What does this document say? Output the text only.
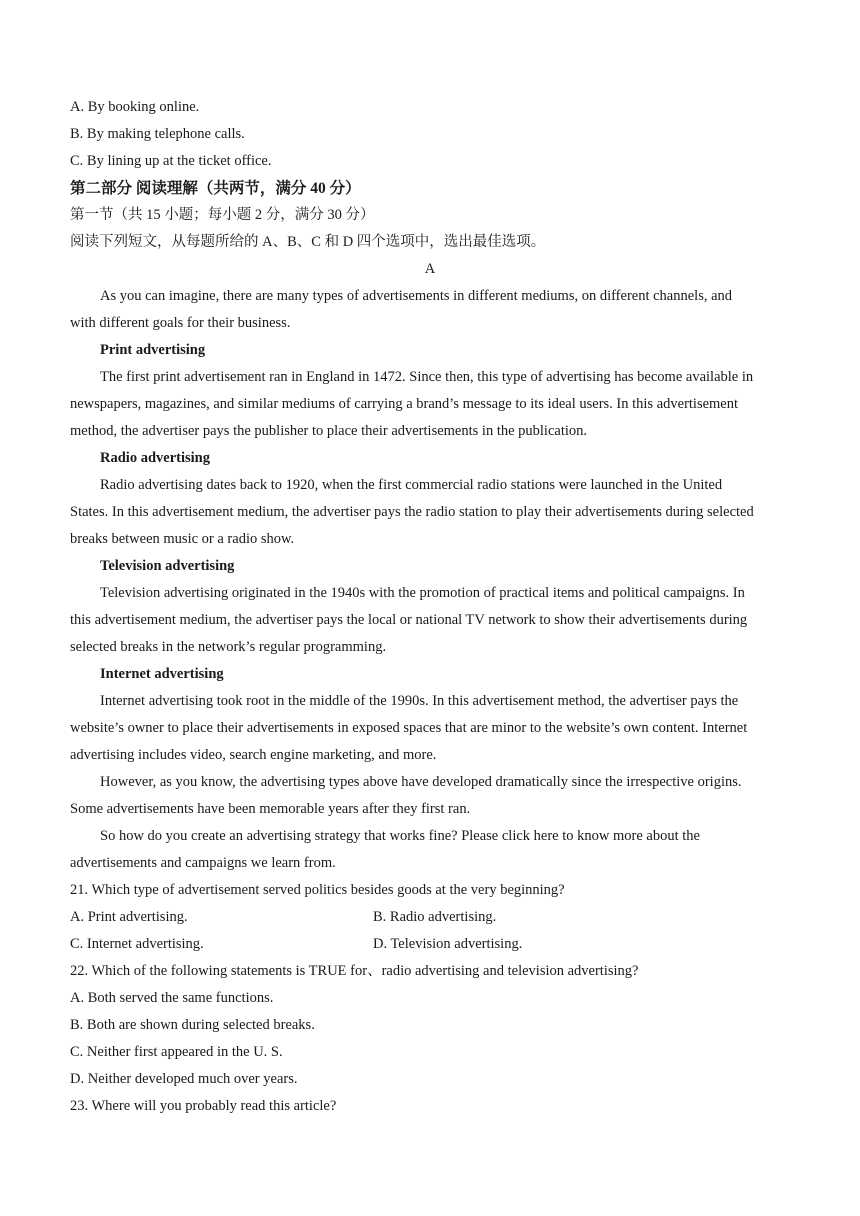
A. By booking online.
B. By making telephone calls.
C. By lining up at the ticket office.
第二部分 阅读理解（共两节，满分 40 分）
第一节（共 15 小题；每小题 2 分，满分 30 分）
阅读下列短文，从每题所给的 A、B、C 和 D 四个选项中，选出最佳选项。
A
As you can imagine, there are many types of advertisements in different mediums, on different channels, and
with different goals for their business.
Print advertising
The first print advertisement ran in England in 1472. Since then, this type of advertising has become available in
newspapers, magazines, and similar mediums of carrying a brand’s message to its ideal users. In this advertisement
method, the advertiser pays the publisher to place their advertisements in the publication.
Radio advertising
Radio advertising dates back to 1920, when the first commercial radio stations were launched in the United
States. In this advertisement medium, the advertiser pays the radio station to play their advertisements during selected
breaks between music or a radio show.
Television advertising
Television advertising originated in the 1940s with the promotion of practical items and political campaigns. In
this advertisement medium, the advertiser pays the local or national TV network to show their advertisements during
selected breaks in the network’s regular programming.
Internet advertising
Internet advertising took root in the middle of the 1990s. In this advertisement method, the advertiser pays the
website’s owner to place their advertisements in exposed spaces that are minor to the website’s own content. Internet
advertising includes video, search engine marketing, and more.
However, as you know, the advertising types above have developed dramatically since the irrespective origins.
Some advertisements have been memorable years after they first ran.
So how do you create an advertising strategy that works fine? Please click here to know more about the
advertisements and campaigns we learn from.
21. Which type of advertisement served politics besides goods at the very beginning?
A. Print advertising.	B. Radio advertising.
C. Internet advertising.	D. Television advertising.
22. Which of the following statements is TRUE for、radio advertising and television advertising?
A. Both served the same functions.
B. Both are shown during selected breaks.
C. Neither first appeared in the U. S.
D. Neither developed much over years.
23. Where will you probably read this article?
